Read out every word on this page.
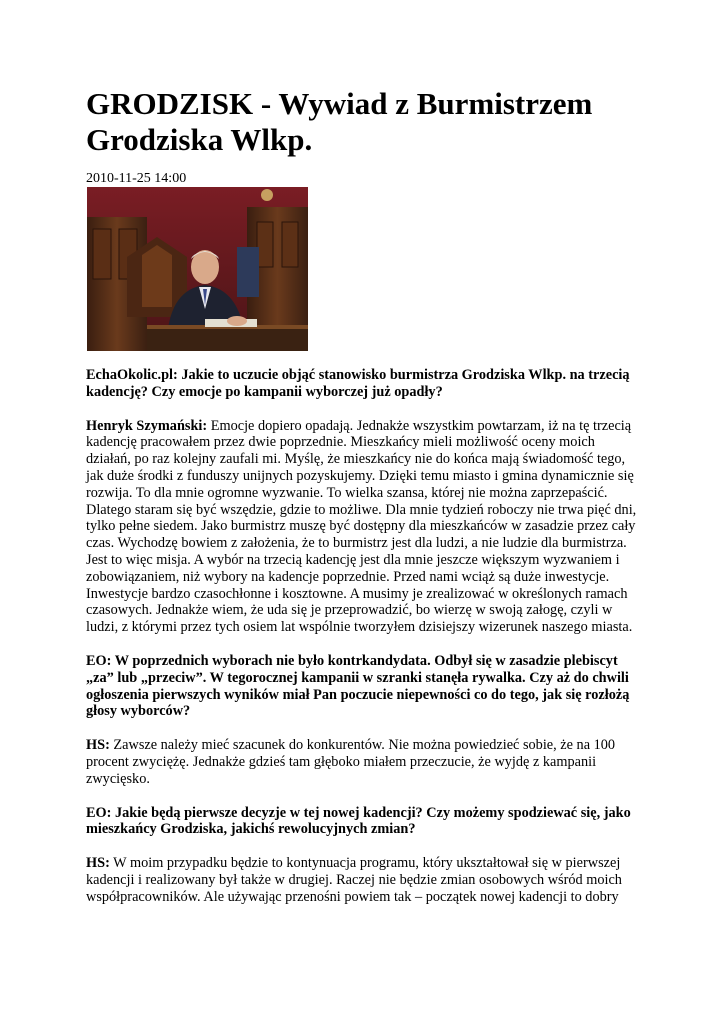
GRODZISK - Wywiad z Burmistrzem Grodziska Wlkp.
2010-11-25 14:00

EchaOkolic.pl: Jakie to uczucie objąć stanowisko burmistrza Grodziska Wlkp. na trzecią kadencję? Czy emocje po kampanii wyborczej już opadły?

Henryk Szymański: Emocje dopiero opadają. Jednakże wszystkim powtarzam, iż na tę trzecią kadencję pracowałem przez dwie poprzednie. Mieszkańcy mieli możliwość oceny moich działań, po raz kolejny zaufali mi. Myślę, że mieszkańcy nie do końca mają świadomość tego, jak duże środki z funduszy unijnych pozyskujemy. Dzięki temu miasto i gmina dynamicznie się rozwija. To dla mnie ogromne wyzwanie. To wielka szansa, której nie można zaprzepaścić. Dlatego staram się być wszędzie, gdzie to możliwe. Dla mnie tydzień roboczy nie trwa pięć dni, tylko pełne siedem. Jako burmistrz muszę być dostępny dla mieszkańców w zasadzie przez cały czas. Wychodzę bowiem z założenia, że to burmistrz jest dla ludzi, a nie ludzie dla burmistrza. Jest to więc misja. A wybór na trzecią kadencję jest dla mnie jeszcze większym wyzwaniem i zobowiązaniem, niż wybory na kadencje poprzednie. Przed nami wciąż są duże inwestycje. Inwestycje bardzo czasochłonne i kosztowne. A musimy je zrealizować w określonych ramach czasowych. Jednakże wiem, że uda się je przeprowadzić, bo wierzę w swoją załogę, czyli w ludzi, z którymi przez tych osiem lat wspólnie tworzyłem dzisiejszy wizerunek naszego miasta.

EO: W poprzednich wyborach nie było kontrkandydata. Odbył się w zasadzie plebiscyt „za” lub „przeciw”. W tegorocznej kampanii w szranki stanęła rywalka. Czy aż do chwili ogłoszenia pierwszych wyników miał Pan poczucie niepewności co do tego, jak się rozłożą głosy wyborców?

HS: Zawsze należy mieć szacunek do konkurentów. Nie można powiedzieć sobie, że na 100 procent zwyciężę. Jednakże gdzieś tam głęboko miałem przeczucie, że wyjdę z kampanii zwycięsko.

EO: Jakie będą pierwsze decyzje w tej nowej kadencji? Czy możemy spodziewać się, jako mieszkańcy Grodziska, jakichś rewolucyjnych zmian?

HS: W moim przypadku będzie to kontynuacja programu, który ukształtował się w pierwszej kadencji i realizowany był także w drugiej. Raczej nie będzie zmian osobowych wśród moich współpracowników. Ale używając przenośni powiem tak – początek nowej kadencji to dobry
